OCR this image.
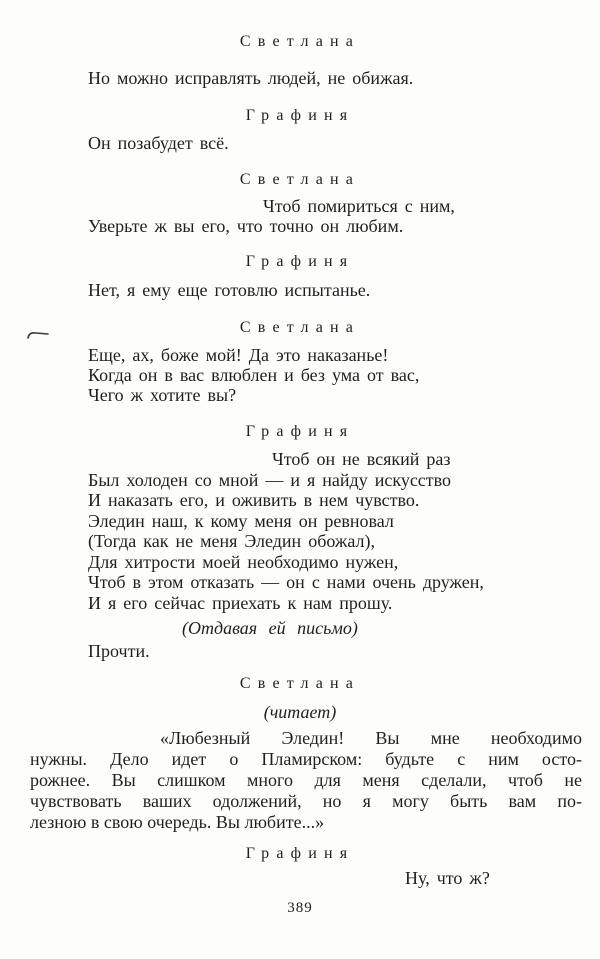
Светлана
Но можно исправлять людей, не обижая.
Графиня
Он позабудет всё.
Светлана
Чтоб помириться с ним,
Уверьте ж вы его, что точно он любим.
Графиня
Нет, я ему еще готовлю испытанье.
Светлана
Еще, ах, боже мой! Да это наказанье!
Когда он в вас влюблен и без ума от вас,
Чего ж хотите вы?
Графиня
Чтоб он не всякий раз
Был холоден со мной — и я найду искусство
И наказать его, и оживить в нем чувство.
Эледин наш, к кому меня он ревновал
(Тогда как не меня Эледин обожал),
Для хитрости моей необходимо нужен,
Чтоб в этом отказать — он с нами очень дружен,
И я его сейчас приехать к нам прошу.
(Отдавая ей письмо)
Прочти.
Светлана
(читает)
«Любезный Эледин! Вы мне необходимо
нужны. Дело идет о Пламирском: будьте с ним осто-
рожнее. Вы слишком много для меня сделали, чтоб не
чувствовать ваших одолжений, но я могу быть вам по-
лезною в свою очередь. Вы любите...»
Графиня
Ну, что ж?
389
